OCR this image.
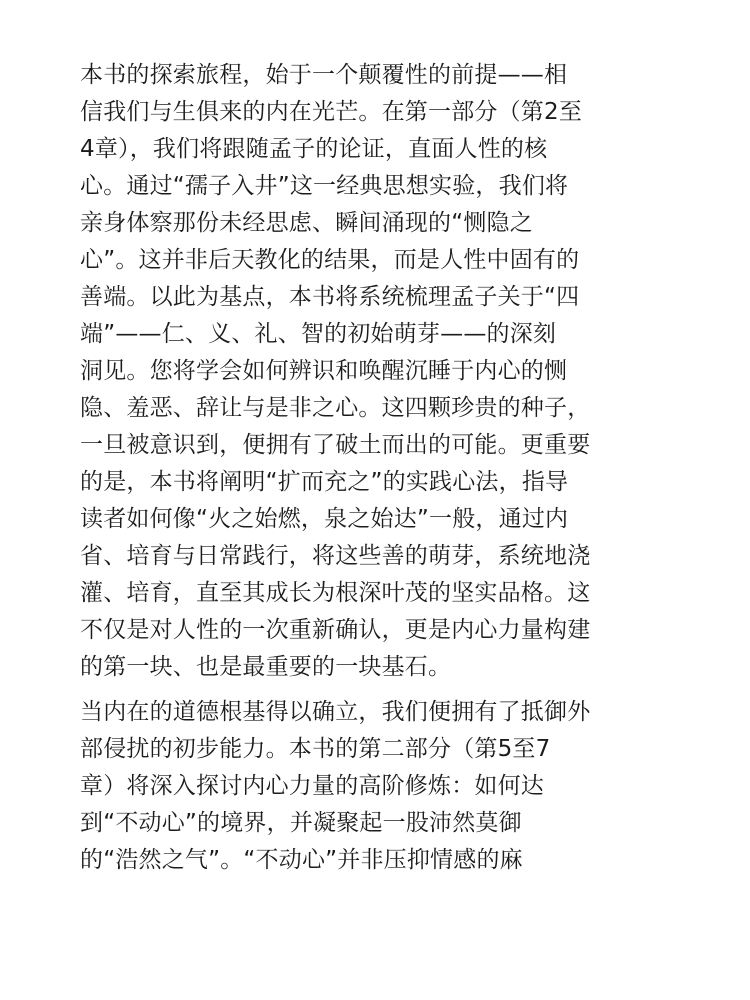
本书的探索旅程，始于一个颠覆性的前提——相
信我们与生俱来的内在光芒。在第一部分（第2至
4章），我们将跟随孟子的论证，直面人性的核
心。通过“孺子入井”这一经典思想实验，我们将
亲身体察那份未经思虑、瞬间涌现的“恻隐之
心”。这并非后天教化的结果，而是人性中固有的
善端。以此为基点，本书将系统梳理孟子关于“四
端”——仁、义、礼、智的初始萌芽——的深刻
洞见。您将学会如何辨识和唤醒沉睡于内心的恻
隐、羞恶、辞让与是非之心。这四颗珍贵的种子，
一旦被意识到，便拥有了破土而出的可能。更重要
的是，本书将阐明“扩而充之”的实践心法，指导
读者如何像“火之始燃，泉之始达”一般，通过内
省、培育与日常践行，将这些善的萌芽，系统地浇
灌、培育，直至其成长为根深叶茂的坚实品格。这
不仅是对人性的一次重新确认，更是内心力量构建
的第一块、也是最重要的一块基石。
当内在的道德根基得以确立，我们便拥有了抵御外
部侵扰的初步能力。本书的第二部分（第5至7
章）将深入探讨内心力量的高阶修炼：如何达
到“不动心”的境界，并凝聚起一股沛然莫御
的“浩然之气”。“不动心”并非压抑情感的麻
